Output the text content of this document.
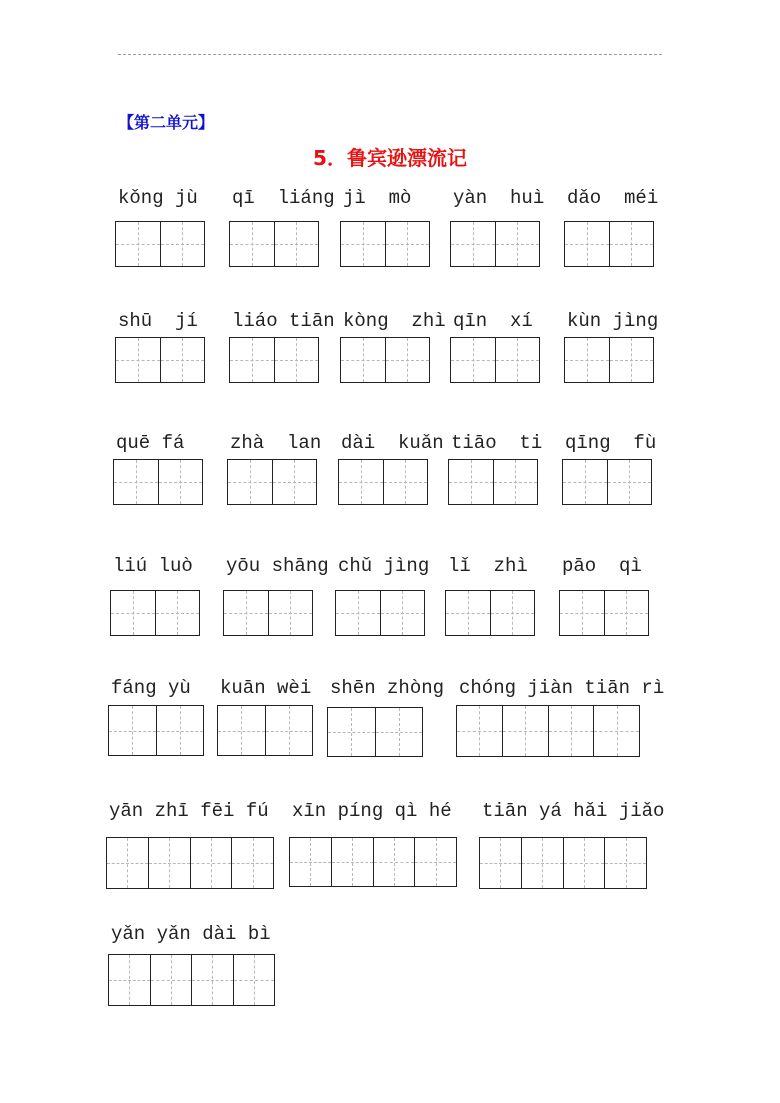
【第二单元】
5．鲁宾逊漂流记
kǒng jù qī  liáng jì  mò yàn  huì dǎo  méi
shū  jí liáo tiān kòng  zhì qīn  xí kùn jìng
quē fá zhà  lan dài  kuǎn tiāo  ti qīng  fù
liú luò yōu shāng chǔ jìng lǐ  zhì pāo  qì
fáng yù kuān wèi shēn zhòng chóng jiàn tiān rì
yān zhī fēi fú xīn píng qì hé tiān yá hǎi jiǎo
yǎn yǎn dài bì
